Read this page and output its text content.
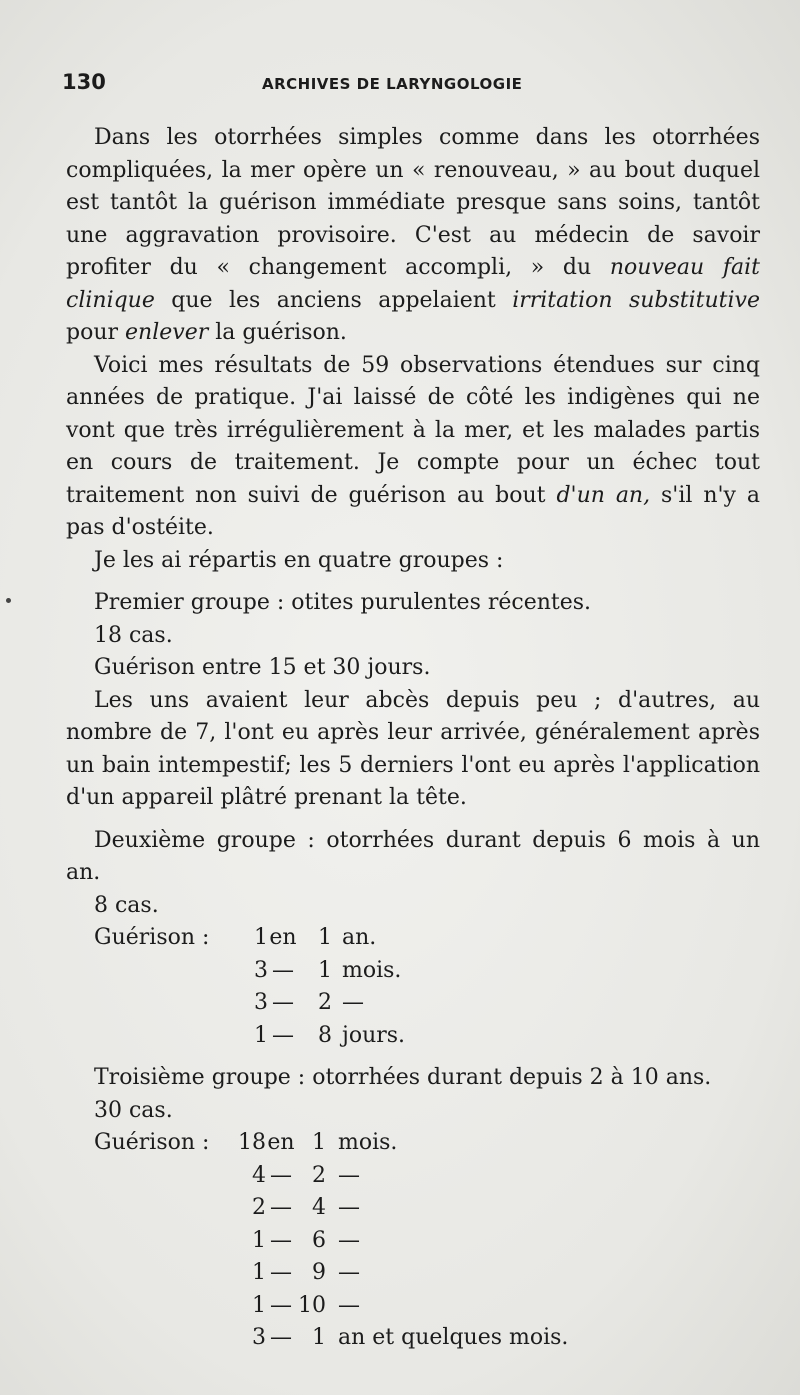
130	ARCHIVES DE LARYNGOLOGIE

Dans les otorrhées simples comme dans les otorrhées compliquées, la mer opère un « renouveau, » au bout duquel est tantôt la guérison immédiate presque sans soins, tantôt une aggravation provisoire. C'est au médecin de savoir profiter du « changement accompli, » du nouveau fait clinique que les anciens appelaient irritation substitutive pour enlever la guérison.

Voici mes résultats de 59 observations étendues sur cinq années de pratique. J'ai laissé de côté les indigènes qui ne vont que très irrégulièrement à la mer, et les malades partis en cours de traitement. Je compte pour un échec tout traitement non suivi de guérison au bout d'un an, s'il n'y a pas d'ostéite.

Je les ai répartis en quatre groupes :

Premier groupe : otites purulentes récentes.

18 cas.

Guérison entre 15 et 30 jours.

Les uns avaient leur abcès depuis peu ; d'autres, au nombre de 7, l'ont eu après leur arrivée, généralement après un bain intempestif; les 5 derniers l'ont eu après l'application d'un appareil plâtré prenant la tête.

Deuxième groupe : otorrhées durant depuis 6 mois à un an.

8 cas.

Guérison :	1 en 1 an.
3 —	1 mois.
3 —	2 —
1 —	8 jours.

Troisième groupe : otorrhées durant depuis 2 à 10 ans.

30 cas.

Guérison :	18 en 1 mois.
4 — 2 —
2 — 4 —
1 — 6 —
1 — 9 —
1 — 10 —
3 — 1 an et quelques mois.
